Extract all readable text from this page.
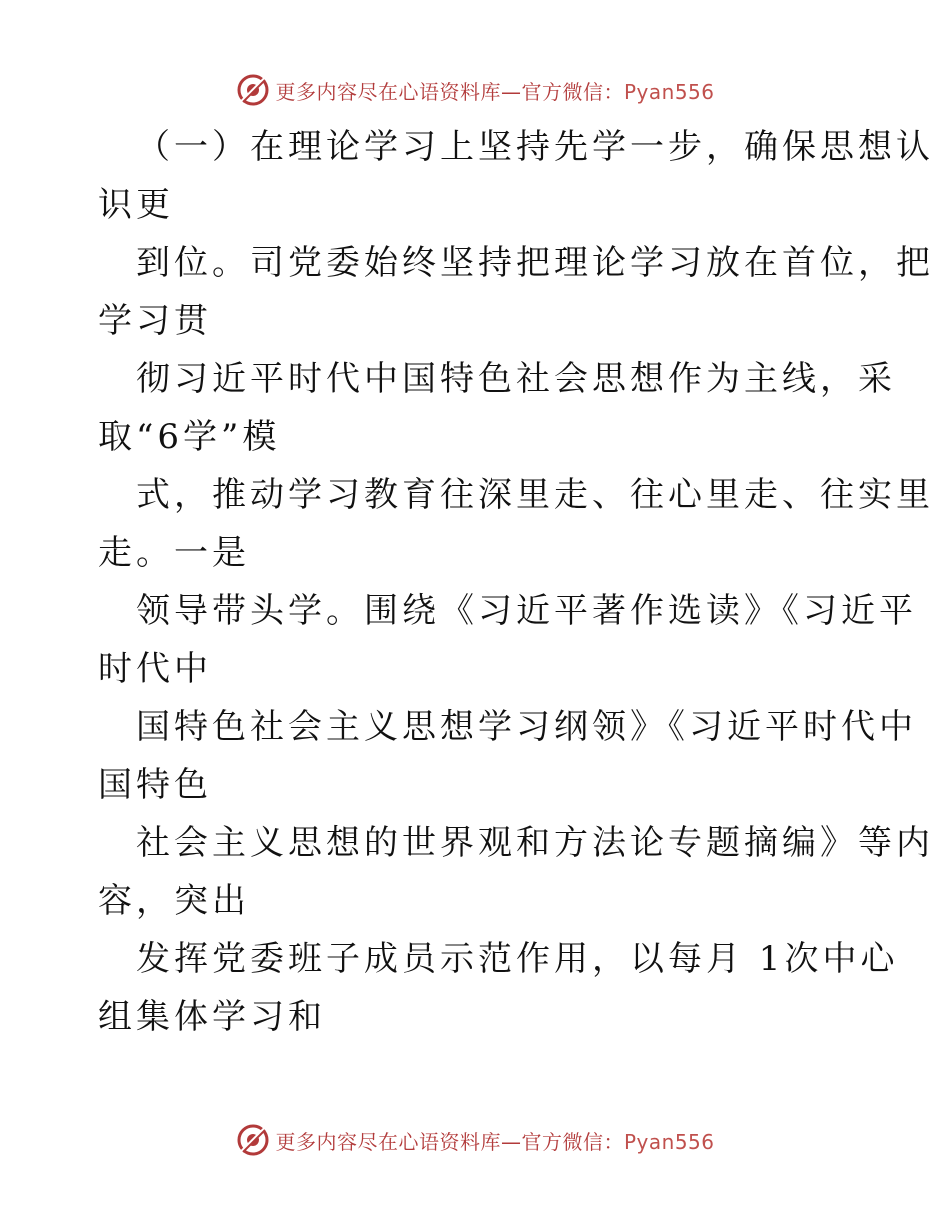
更多内容尽在心语资料库—官方微信：Pyan556
（一）在理论学习上坚持先学一步，确保思想认
识更
到位。司党委始终坚持把理论学习放在首位，把
学习贯
彻习近平时代中国特色社会思想作为主线，采
取“6学”模
式，推动学习教育往深里走、往心里走、往实里
走。一是
领导带头学。围绕《习近平著作选读》《习近平
时代中
国特色社会主义思想学习纲领》《习近平时代中
国特色
社会主义思想的世界观和方法论专题摘编》等内
容，突出
发挥党委班子成员示范作用，以每月 1次中心
组集体学习和
更多内容尽在心语资料库—官方微信：Pyan556
